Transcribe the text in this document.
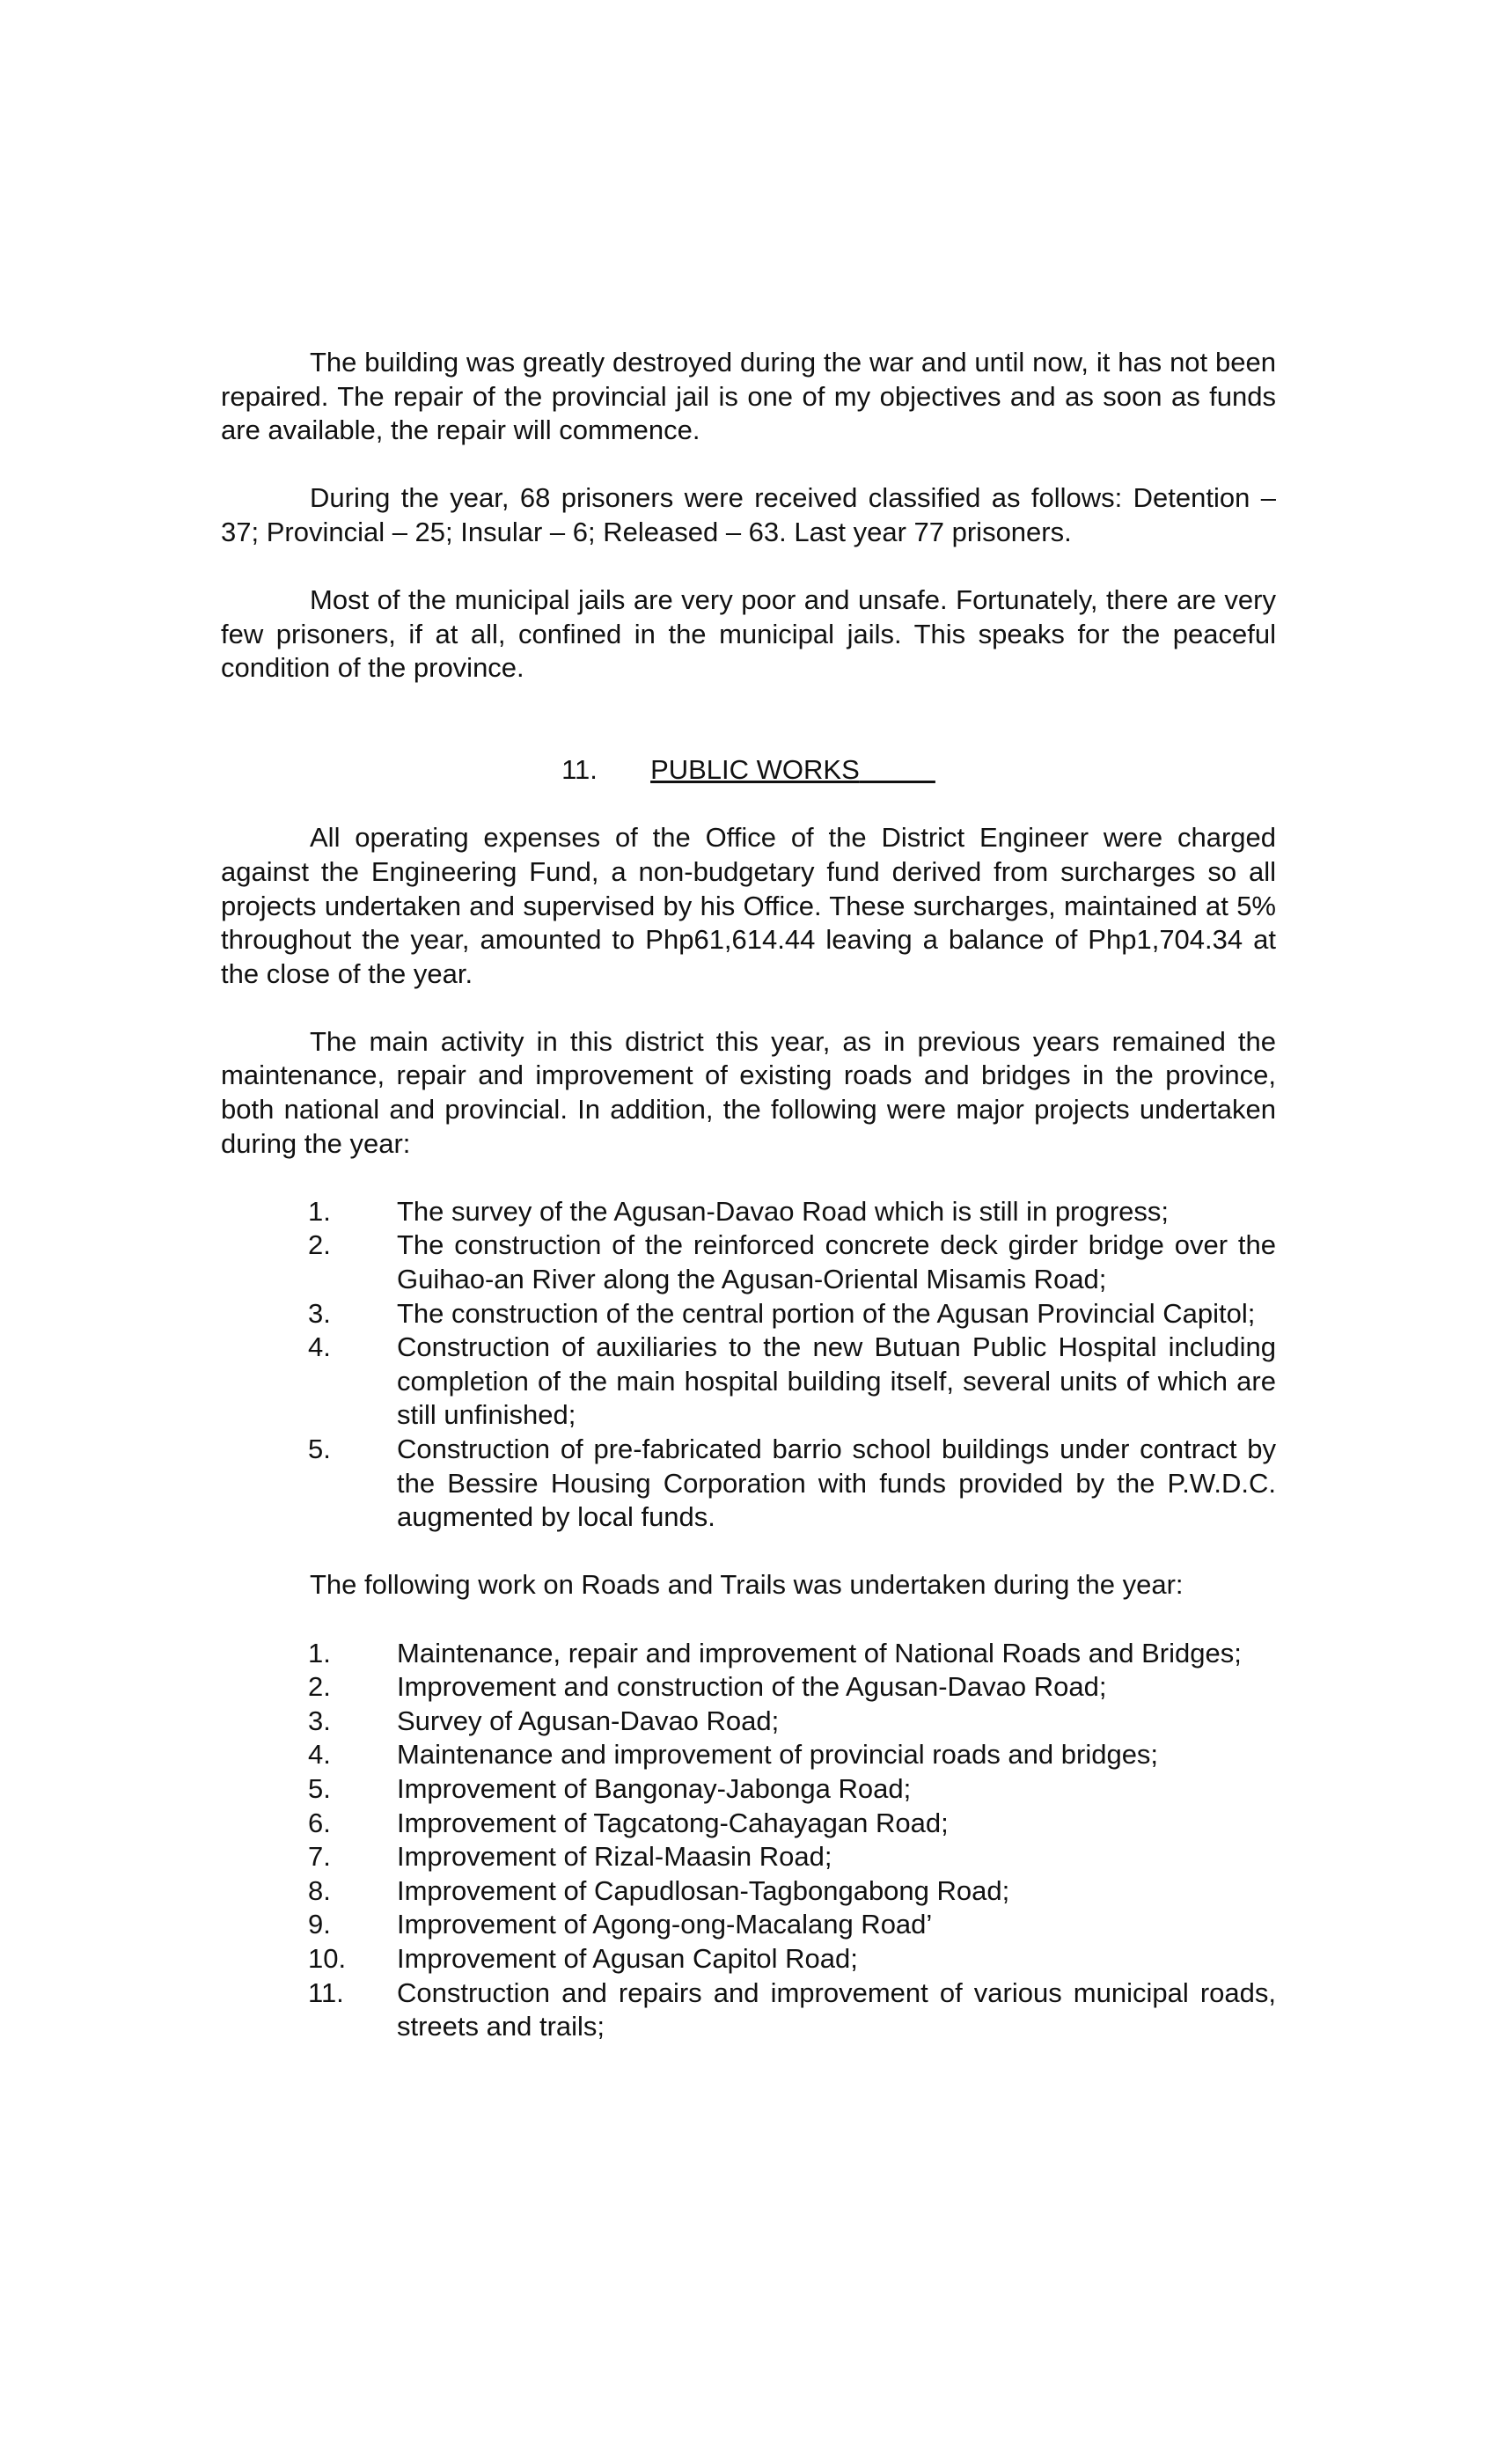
The building was greatly destroyed during the war and until now, it has not been repaired. The repair of the provincial jail is one of my objectives and as soon as funds are available, the repair will commence.

During the year, 68 prisoners were received classified as follows: Detention – 37; Provincial – 25; Insular – 6; Released – 63. Last year 77 prisoners.

Most of the municipal jails are very poor and unsafe. Fortunately, there are very few prisoners, if at all, confined in the municipal jails. This speaks for the peaceful condition of the province.

11. PUBLIC WORKS

All operating expenses of the Office of the District Engineer were charged against the Engineering Fund, a non-budgetary fund derived from surcharges so all projects undertaken and supervised by his Office. These surcharges, maintained at 5% throughout the year, amounted to Php61,614.44 leaving a balance of Php1,704.34 at the close of the year.

The main activity in this district this year, as in previous years remained the maintenance, repair and improvement of existing roads and bridges in the province, both national and provincial. In addition, the following were major projects undertaken during the year:

1.	The survey of the Agusan-Davao Road which is still in progress;
2.	The construction of the reinforced concrete deck girder bridge over the Guihao-an River along the Agusan-Oriental Misamis Road;
3.	The construction of the central portion of the Agusan Provincial Capitol;
4.	Construction of auxiliaries to the new Butuan Public Hospital including completion of the main hospital building itself, several units of which are still unfinished;
5.	Construction of pre-fabricated barrio school buildings under contract by the Bessire Housing Corporation with funds provided by the P.W.D.C. augmented by local funds.

The following work on Roads and Trails was undertaken during the year:

1.	Maintenance, repair and improvement of National Roads and Bridges;
2.	Improvement and construction of the Agusan-Davao Road;
3.	Survey of Agusan-Davao Road;
4.	Maintenance and improvement of provincial roads and bridges;
5.	Improvement of Bangonay-Jabonga Road;
6.	Improvement of Tagcatong-Cahayagan Road;
7.	Improvement of Rizal-Maasin Road;
8.	Improvement of Capudlosan-Tagbongabong Road;
9.	Improvement of Agong-ong-Macalang Road’
10.	Improvement of Agusan Capitol Road;
11.	Construction and repairs and improvement of various municipal roads, streets and trails;
